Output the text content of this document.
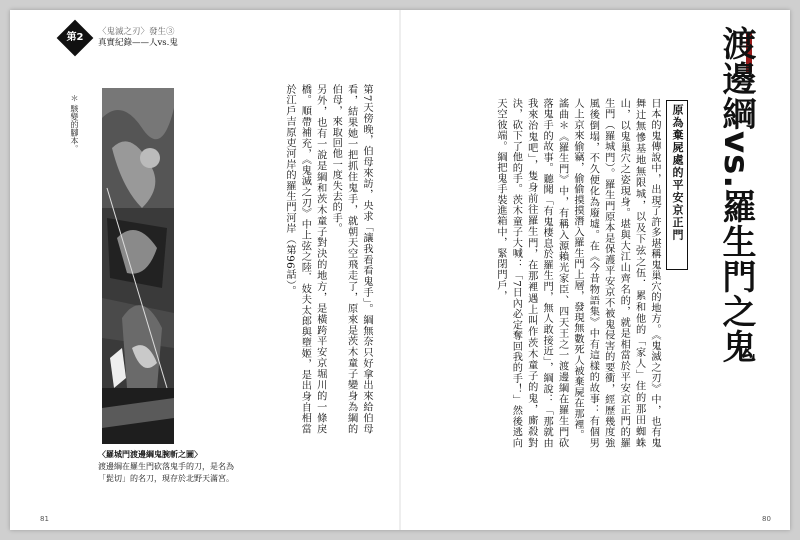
第2章
〈鬼滅之刃〉發生③
真實紀錄——人vs.鬼
＊ 駭變的腳本。
〈羅城門渡邊綱鬼腕斬之圖〉
渡邊綱在羅生門砍落鬼手的刀，是名為「髭切」的名刀，現存於北野天滿宮。

第7天傍晚，伯母來訪，央求「讓我看看鬼手」。綱無奈只好拿出來給伯母看，結果她一把抓住鬼手，就朝天空飛走了，原來是茨木童子變身為綱的伯母，來取回他一度失去的手。

另外，也有一說是綱和茨木童子對決的地方，是橫跨平安京堀川的一條戾橋。順帶補充，《鬼滅之刃》中上弦之陸．妓夫太郎與墮姬，是出身自相當於江戶吉原吏河岸的羅生門河岸（第96話）。

81
渡邊綱vs.羅生門之鬼
原為棄屍處的平安京正門

日本的鬼傳說中，出現了許多堪稱鬼巢穴的地方。《鬼滅之刃》中，也有鬼舞辻無慘基地無限城，以及下弦之伍．累和他的「家人」住的那田蜘蛛山，以鬼巢穴之姿現身。堪與大江山齊名的，就是相當於平安京正門的羅生門（羅城門）。羅生門原本是保護平安京不被鬼侵害的要衝，經歷幾度強風後倒塌，不久便化為廢墟。在《今昔物語集》中有這樣的故事：有個男人上京來偷竊，偷偷摸摸潛入羅生門上層，發現無數死人被棄屍在那裡。

謠曲＊《羅生門》中，有稱入源賴光家臣、四天王之一渡邊綱在羅生門砍落鬼手的故事。聽聞「有鬼棲息於羅生門，無人敢接近」，綱說：「那就由我來治鬼吧」，隻身前往羅生門，在那裡遇上叫作茨木童子的鬼，廝殺對決，砍下了他的手。茨木童子大喊：「7日內必定奪回我的手！」然後逃向天空彼端。綱把鬼手裝進箱中，緊閉門戶，

80
